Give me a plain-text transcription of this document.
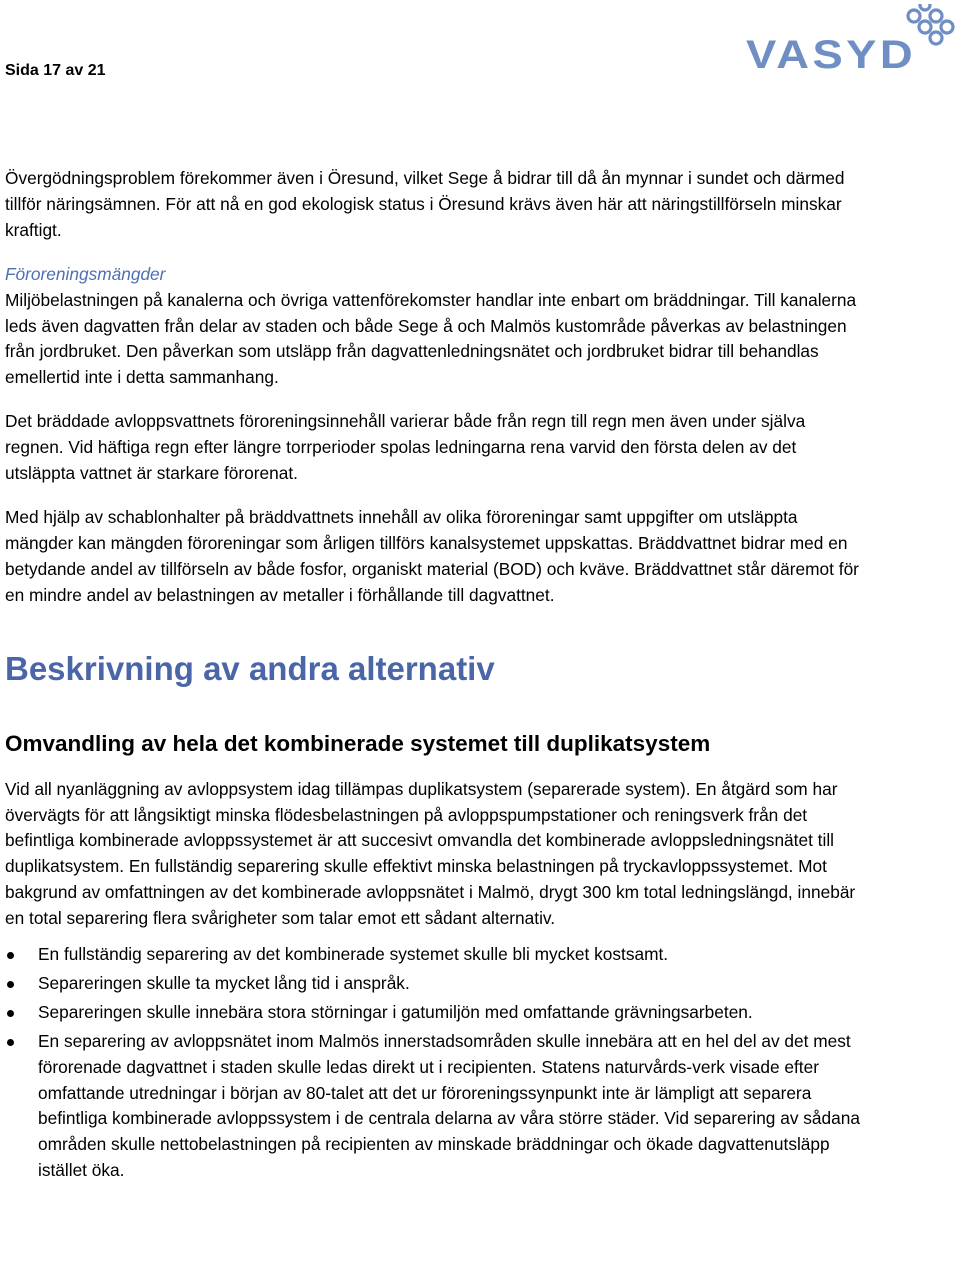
Sida 17 av 21	VASYD

Övergödningsproblem förekommer även i Öresund, vilket Sege å bidrar till då ån mynnar i sundet och därmed tillför näringsämnen. För att nå en god ekologisk status i Öresund krävs även här att näringstillförseln minskar kraftigt.

Föroreningsmängder

Miljöbelastningen på kanalerna och övriga vattenförekomster handlar inte enbart om bräddningar. Till kanalerna leds även dagvatten från delar av staden och både Sege å och Malmös kustområde påverkas av belastningen från jordbruket. Den påverkan som utsläpp från dagvattenledningsnätet och jordbruket bidrar till behandlas emellertid inte i detta sammanhang.

Det bräddade avloppsvattnets föroreningsinnehåll varierar både från regn till regn men även under själva regnen. Vid häftiga regn efter längre torrperioder spolas ledningarna rena varvid den första delen av det utsläppta vattnet är starkare förorenat.

Med hjälp av schablonhalter på bräddvattnets innehåll av olika föroreningar samt uppgifter om utsläppta mängder kan mängden föroreningar som årligen tillförs kanalsystemet uppskattas. Bräddvattnet bidrar med en betydande andel av tillförseln av både fosfor, organiskt material (BOD) och kväve. Bräddvattnet står däremot för en mindre andel av belastningen av metaller i förhållande till dagvattnet.

Beskrivning av andra alternativ
Omvandling av hela det kombinerade systemet till duplikatsystem

Vid all nyanläggning av avloppsystem idag tillämpas duplikatsystem (separerade system). En åtgärd som har övervägts för att långsiktigt minska flödesbelastningen på avloppspumpstationer och reningsverk från det befintliga kombinerade avloppssystemet är att succesivt omvandla det kombinerade avloppsledningsnätet till duplikatsystem. En fullständig separering skulle effektivt minska belastningen på tryckavloppssystemet. Mot bakgrund av omfattningen av det kombinerade avloppsnätet i Malmö, drygt 300 km total ledningslängd, innebär en total separering flera svårigheter som talar emot ett sådant alternativ.

En fullständig separering av det kombinerade systemet skulle bli mycket kostsamt.
Separeringen skulle ta mycket lång tid i anspråk.
Separeringen skulle innebära stora störningar i gatumiljön med omfattande grävningsarbeten.
En separering av avloppsnätet inom Malmös innerstadsområden skulle innebära att en hel del av det mest förorenade dagvattnet i staden skulle ledas direkt ut i recipienten. Statens naturvårds-verk visade efter omfattande utredningar i början av 80-talet att det ur föroreningssynpunkt inte är lämpligt att separera befintliga kombinerade avloppssystem i de centrala delarna av våra större städer. Vid separering av sådana områden skulle nettobelastningen på recipienten av minskade bräddningar och ökade dagvattenutsläpp istället öka.
